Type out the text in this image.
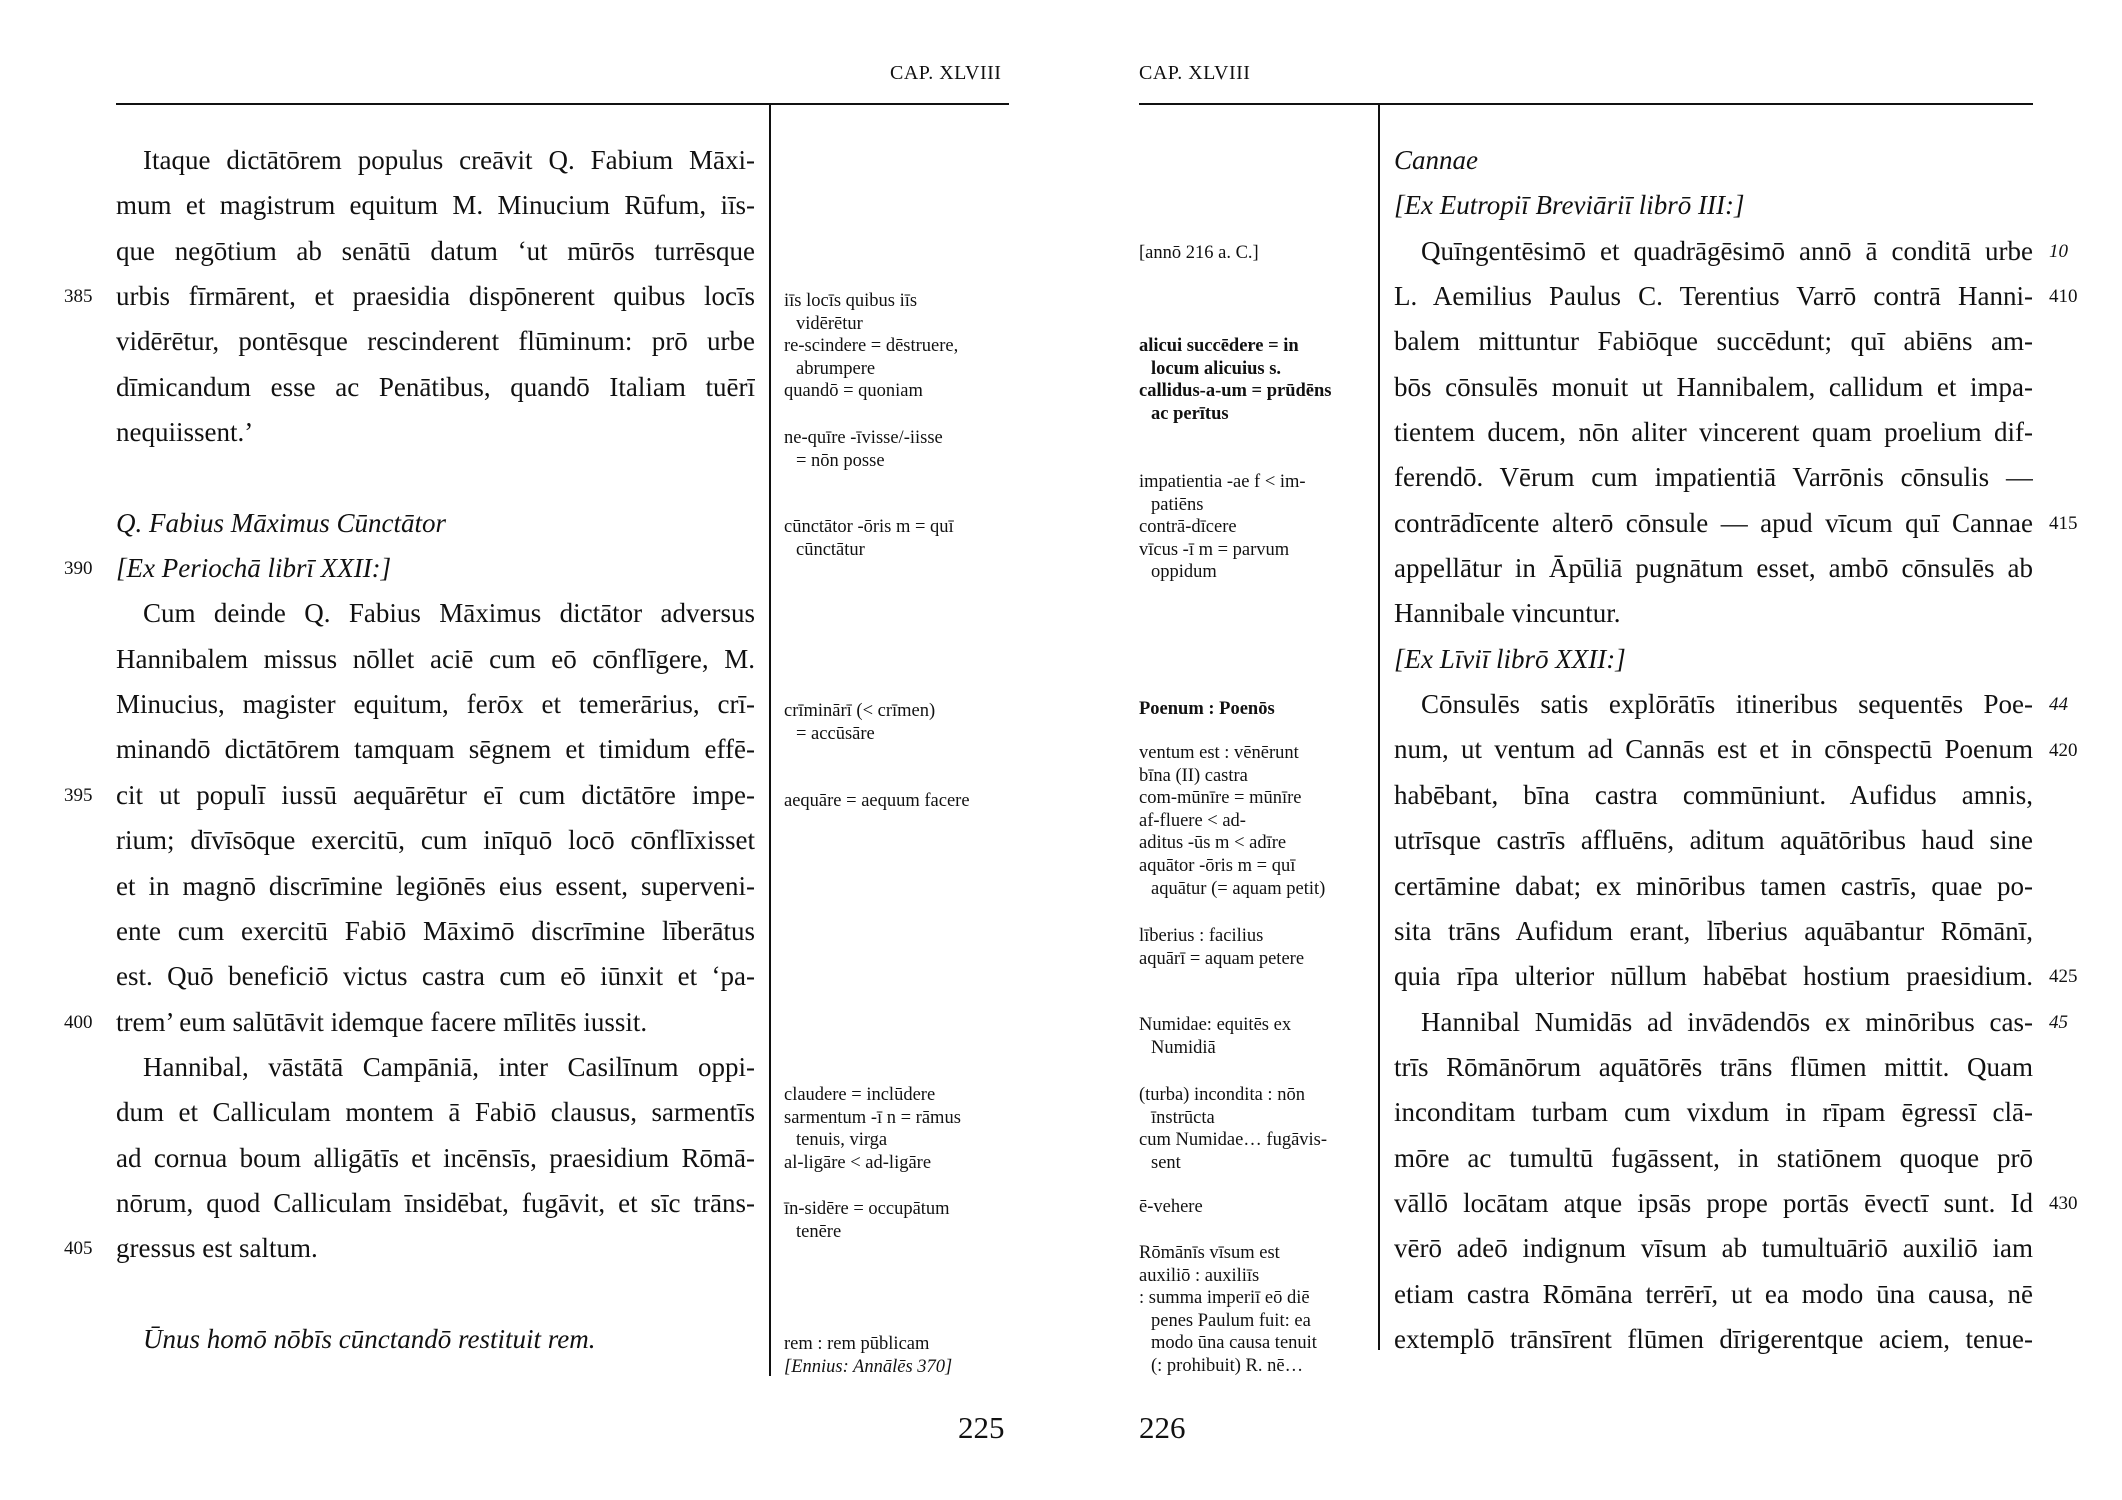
CAP. XLVIII
Itaque dictātōrem populus creāvit Q. Fabium Māxi-
mum et magistrum equitum M. Minucium Rūfum, iīs-
que negōtium ab senātū datum ‘ut mūrōs turrēsque
urbis fīrmārent, et praesidia dispōnerent quibus locīs
vidērētur, pontēsque rescinderent flūminum: prō urbe
dīmicandum esse ac Penātibus, quandō Italiam tuērī
nequiissent.’
Q. Fabius Māximus Cūnctātor
[Ex Periochā librī XXII:]
Cum deinde Q. Fabius Māximus dictātor adversus
Hannibalem missus nōllet aciē cum eō cōnflīgere, M.
Minucius, magister equitum, ferōx et temerārius, crī-
minandō dictātōrem tamquam sēgnem et timidum effē-
cit ut populī iussū aequārētur eī cum dictātōre impe-
rium; dīvīsōque exercitū, cum inīquō locō cōnflīxisset
et in magnō discrīmine legiōnēs eius essent, superveni-
ente cum exercitū Fabiō Māximō discrīmine līberātus
est. Quō beneficiō victus castra cum eō iūnxit et ‘pa-
trem’ eum salūtāvit idemque facere mīlitēs iussit.
Hannibal, vāstātā Campāniā, inter Casilīnum oppi-
dum et Calliculam montem ā Fabiō clausus, sarmentīs
ad cornua boum alligātīs et incēnsīs, praesidium Rōmā-
nōrum, quod Calliculam īnsidēbat, fugāvit, et sīc trāns-
gressus est saltum.
Ūnus homō nōbīs cūnctandō restituit rem.
385
390
395
400
405
iīs locīs quibus iīs
vidērētur
re-scindere = dēstruere,
abrumpere
quandō = quoniam
ne-quīre -īvisse/-iisse
= nōn posse
cūnctātor -ōris m = quī
cūnctātur
crīminārī (< crīmen)
= accūsāre
aequāre = aequum facere
claudere = inclūdere
sarmentum -ī n = rāmus
tenuis, virga
al-ligāre < ad-ligāre
īn-sidēre = occupātum
tenēre
rem : rem pūblicam
[Ennius: Annālēs 370]
225
CAP. XLVIII
Cannae
[Ex Eutropiī Breviāriī librō III:]
Quīngentēsimō et quadrāgēsimō annō ā conditā urbe
L. Aemilius Paulus C. Terentius Varrō contrā Hanni-
balem mittuntur Fabiōque succēdunt; quī abiēns am-
bōs cōnsulēs monuit ut Hannibalem, callidum et impa-
tientem ducem, nōn aliter vincerent quam proelium dif-
ferendō. Vērum cum impatientiā Varrōnis cōnsulis —
contrādīcente alterō cōnsule — apud vīcum quī Cannae
appellātur in Āpūliā pugnātum esset, ambō cōnsulēs ab
Hannibale vincuntur.
[Ex Līviī librō XXII:]
Cōnsulēs satis explōrātīs itineribus sequentēs Poe-
num, ut ventum ad Cannās est et in cōnspectū Poenum
habēbant, bīna castra commūniunt. Aufidus amnis,
utrīsque castrīs affluēns, aditum aquātōribus haud sine
certāmine dabat; ex minōribus tamen castrīs, quae po-
sita trāns Aufidum erant, līberius aquābantur Rōmānī,
quia rīpa ulterior nūllum habēbat hostium praesidium.
Hannibal Numidās ad invādendōs ex minōribus cas-
trīs Rōmānōrum aquātōrēs trāns flūmen mittit. Quam
inconditam turbam cum vixdum in rīpam ēgressī clā-
mōre ac tumultū fugāssent, in statiōnem quoque prō
vāllō locātam atque ipsās prope portās ēvectī sunt. Id
vērō adeō indignum vīsum ab tumultuāriō auxiliō iam
etiam castra Rōmāna terrērī, ut ea modo ūna causa, nē
extemplō trānsīrent flūmen dīrigerentque aciem, tenue-
10
410
415
44
420
425
45
430
[annō 216 a. C.]
alicui succēdere = in
locum alicuius s.
callidus-a-um = prūdēns
ac perītus
impatientia -ae f < im-
patiēns
contrā-dīcere
vīcus -ī m = parvum
oppidum
Poenum : Poenōs
ventum est : vēnērunt
bīna (II) castra
com-mūnīre = mūnīre
af-fluere < ad-
aditus -ūs m < adīre
aquātor -ōris m = quī
aquātur (= aquam petit)
līberius : facilius
aquārī = aquam petere
Numidae: equitēs ex
Numidiā
(turba) incondita : nōn
īnstrūcta
cum Numidae… fugāvis-
sent
ē-vehere
Rōmānīs vīsum est
auxiliō : auxiliīs
: summa imperiī eō diē
penes Paulum fuit: ea
modo ūna causa tenuit
(: prohibuit) R. nē…
226
